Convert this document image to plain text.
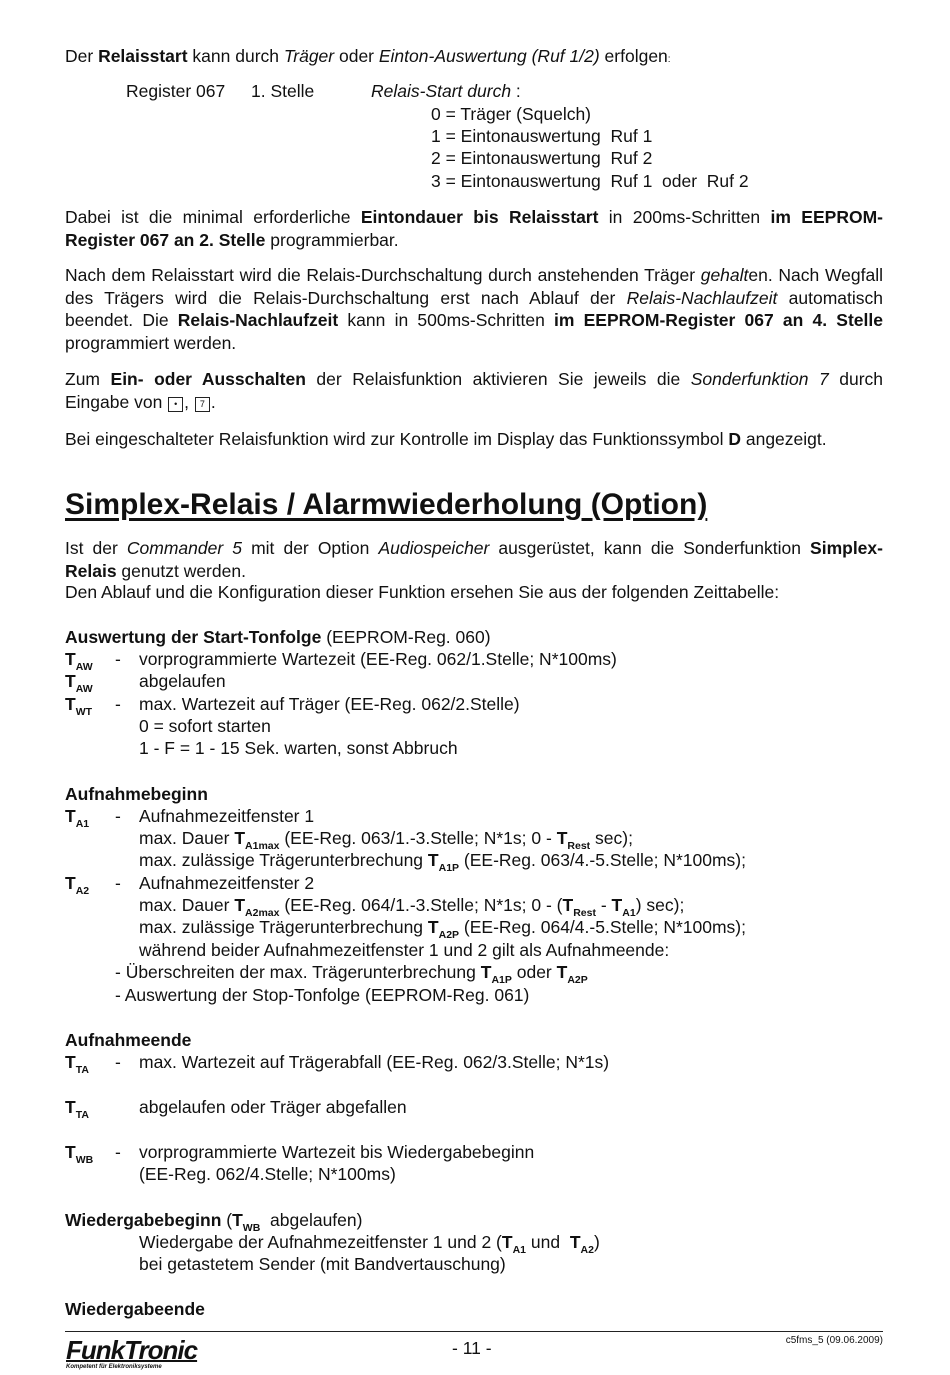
Der Relaisstart kann durch Träger oder Einton-Auswertung (Ruf 1/2) erfolgen:
Register 067 1. Stelle	Relais-Start durch :
0 = Träger (Squelch)
1 = Eintonauswertung  Ruf 1
2 = Eintonauswertung  Ruf 2
3 = Eintonauswertung  Ruf 1  oder  Ruf 2
Dabei ist die minimal erforderliche Eintondauer bis Relaisstart in 200ms-Schritten im EEPROM-Register 067 an 2. Stelle programmierbar.
Nach dem Relaisstart wird die Relais-Durchschaltung durch anstehenden Träger gehalten. Nach Wegfall des Trägers wird die Relais-Durchschaltung erst nach Ablauf der Relais-Nachlaufzeit automatisch beendet. Die Relais-Nachlaufzeit kann in 500ms-Schritten im EEPROM-Register 067 an 4. Stelle programmiert werden.
Zum Ein- oder Ausschalten der Relaisfunktion aktivieren Sie jeweils die Sonderfunktion 7 durch Eingabe von • , 7 .
Bei eingeschalteter Relaisfunktion wird zur Kontrolle im Display das Funktionssymbol D angezeigt.
Simplex-Relais / Alarmwiederholung (Option)
Ist der Commander 5 mit der Option Audiospeicher ausgerüstet, kann die Sonderfunktion Simplex-Relais genutzt werden.
Den Ablauf und die Konfiguration dieser Funktion ersehen Sie aus der folgenden Zeittabelle:
Auswertung der Start-Tonfolge (EEPROM-Reg. 060)
$T_{AW}$ - vorprogrammierte Wartezeit (EE-Reg. 062/1.Stelle; N*100ms)
$T_{AW}$	abgelaufen
$T_{WT}$ - max. Wartezeit auf Träger (EE-Reg. 062/2.Stelle)
0 = sofort starten
1 - F = 1 - 15 Sek. warten, sonst Abbruch
Aufnahmebeginn
$T_{A1}$ - Aufnahmezeitfenster 1
max. Dauer $T_{A1max}$ (EE-Reg. 063/1.-3.Stelle; N*1s; $0 - T_{Rest}$ sec);
max. zulässige Trägerunterbrechung $T_{A1P}$ (EE-Reg. 063/4.-5.Stelle; N*100ms);
$T_{A2}$ - Aufnahmezeitfenster 2
max. Dauer $T_{A2max}$ (EE-Reg. 064/1.-3.Stelle; N*1s; $0 - (T_{Rest} - T_{A1})$ sec);
max. zulässige Trägerunterbrechung $T_{A2P}$ (EE-Reg. 064/4.-5.Stelle; N*100ms);
während beider Aufnahmezeitfenster 1 und 2 gilt als Aufnahmeende:
- Überschreiten der max. Trägerunterbrechung $T_{A1P}$ oder $T_{A2P}$
- Auswertung der Stop-Tonfolge (EEPROM-Reg. 061)
Aufnahmeende
$T_{TA}$ - max. Wartezeit auf Trägerabfall (EE-Reg. 062/3.Stelle; N*1s)
$T_{TA}$	abgelaufen oder Träger abgefallen
$T_{WB}$ - vorprogrammierte Wartezeit bis Wiedergabebeginn
(EE-Reg. 062/4.Stelle; N*100ms)
Wiedergabebeginn ($T_{WB}$  abgelaufen)
Wiedergabe der Aufnahmezeitfenster 1 und 2 ($T_{A1}$ und  $T_{A2}$)
bei getastetem Sender (mit Bandvertauschung)
Wiedergabeende
FunkTronic
Kompetent für Elektroniksysteme
- 11 -	c5fms_5 (09.06.2009)
